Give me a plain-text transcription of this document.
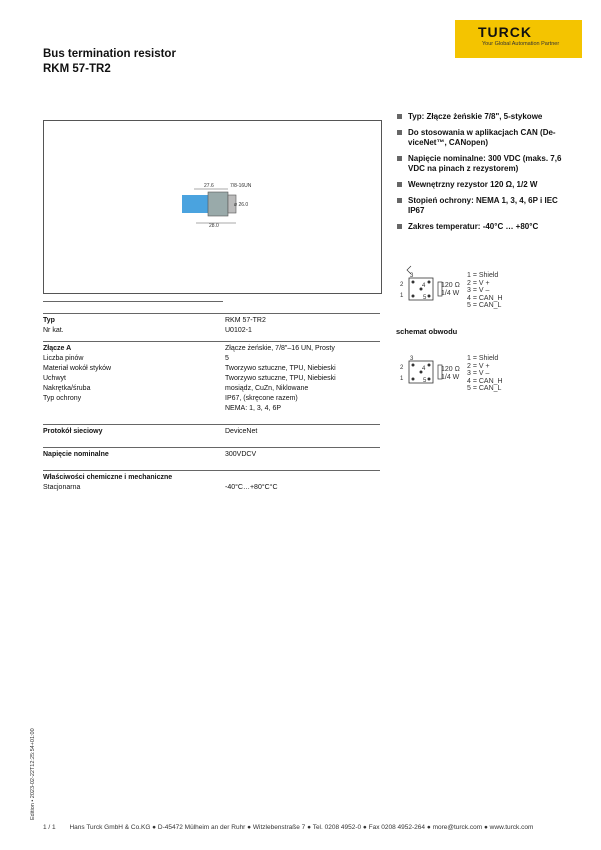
Bus termination resistor
RKM 57-TR2
TURCK
Your Global Automation Partner
27.6	7/8-16UN
ø 26.0
28.0
Typ: Złącze żeńskie 7/8", 5-stykowe
Do stosowania w aplikacjach CAN (De-viceNet™, CANopen)
Napięcie nominalne: 300 VDC (maks. 7,6 VDC na pinach z rezystorem)
Wewnętrzny rezystor 120 Ω, 1/2 W
Stopień ochrony: NEMA 1, 3, 4, 6P i IEC IP67
Zakres temperatur: -40°C … +80°C
3
2	4
1	5
120 Ω
1/4 W
1 = Shield
2 = V +
3 = V –
4 = CAN_H
5 = CAN_L
schemat obwodu
3
2	4
1	5
120 Ω
1/4 W
1 = Shield
2 = V +
3 = V –
4 = CAN_H
5 = CAN_L
Typ	RKM 57-TR2
Nr kat.	U0102-1
Złącze A	Złącze żeńskie, 7/8"–16 UN, Prosty
Liczba pinów	5
Materiał wokół styków	Tworzywo sztuczne, TPU, Niebieski
Uchwyt	Tworzywo sztuczne, TPU, Niebieski
Nakrętka/śruba	mosiądz, CuZn, Niklowane
Typ ochrony	IP67, (skręcone razem)
NEMA: 1, 3, 4, 6P
Protokół sieciowy	DeviceNet
Napięcie nominalne	300VDCV
Właściwości chemiczne i mechaniczne
Stacjonarna	-40°C…+80°C°C
Edition • 2023-02-22T12:25:54+01:00
1 / 1 Hans Turck GmbH & Co.KG ● D-45472 Mülheim an der Ruhr ● Witzlebenstraße 7 ● Tel. 0208 4952-0 ● Fax 0208 4952-264 ● more@turck.com ● www.turck.com
